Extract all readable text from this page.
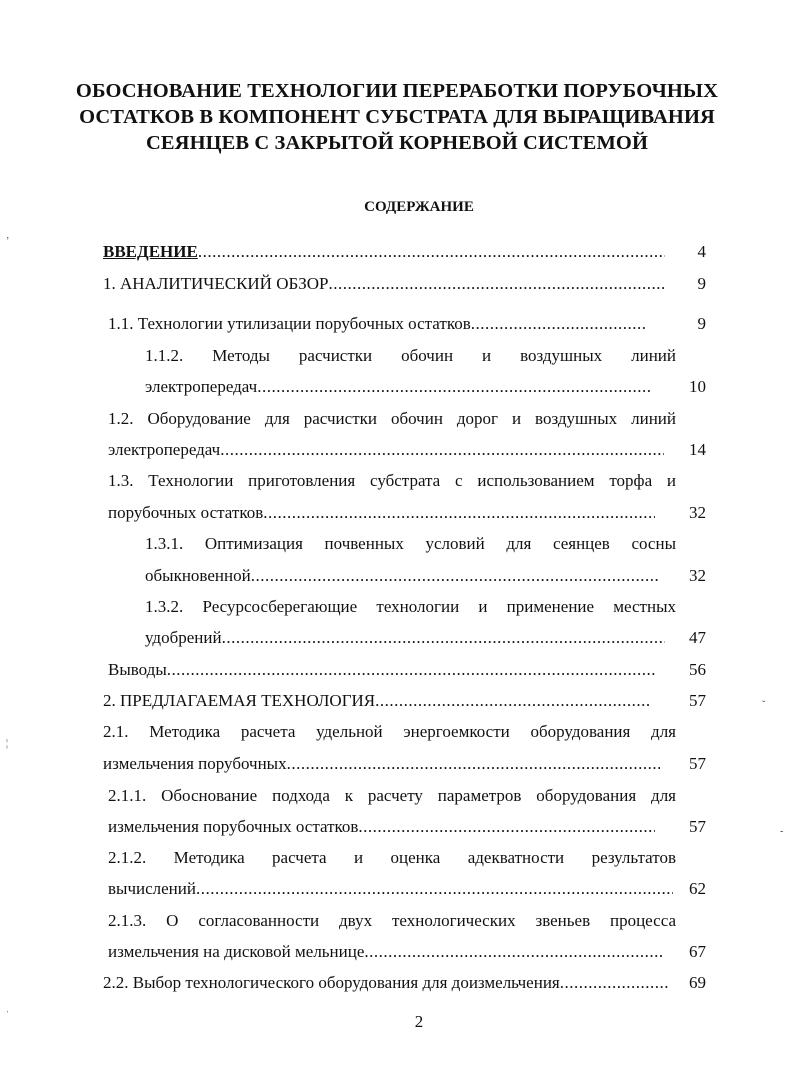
ОБОСНОВАНИЕ ТЕХНОЛОГИИ ПЕРЕРАБОТКИ ПОРУБОЧНЫХ
ОСТАТКОВ В КОМПОНЕНТ СУБСТРАТА ДЛЯ ВЫРАЩИВАНИЯ
СЕЯНЦЕВ С ЗАКРЫТОЙ КОРНЕВОЙ СИСТЕМОЙ
СОДЕРЖАНИЕ
ВВЕДЕНИЕ .....	4
1. АНАЛИТИЧЕСКИЙ ОБЗОР .....	9
1.1. Технологии утилизации порубочных остатков .....	9
1.1.2. Методы расчистки обочин и воздушных линий
электропередач .....	10
1.2. Оборудование для расчистки обочин дорог и воздушных линий
электропередач .....	14
1.3. Технологии приготовления субстрата с использованием торфа и
порубочных остатков .....	32
1.3.1. Оптимизация почвенных условий для сеянцев сосны
обыкновенной .....	32
1.3.2. Ресурсосберегающие технологии и применение местных
удобрений .....	47
Выводы .....	56
2. ПРЕДЛАГАЕМАЯ ТЕХНОЛОГИЯ .....	57
2.1. Методика расчета удельной энергоемкости оборудования для
измельчения порубочных .....	57
2.1.1. Обоснование подхода к расчету параметров оборудования для
измельчения порубочных остатков .....	57
2.1.2. Методика расчета и оценка адекватности результатов
вычислений .....	62
2.1.3. О согласованности двух технологических звеньев процесса
измельчения на дисковой мельнице .....	67
2.2. Выбор технологического оборудования для доизмельчения .....	69
2
ʼ
¦
ˈ
ˇ
-
